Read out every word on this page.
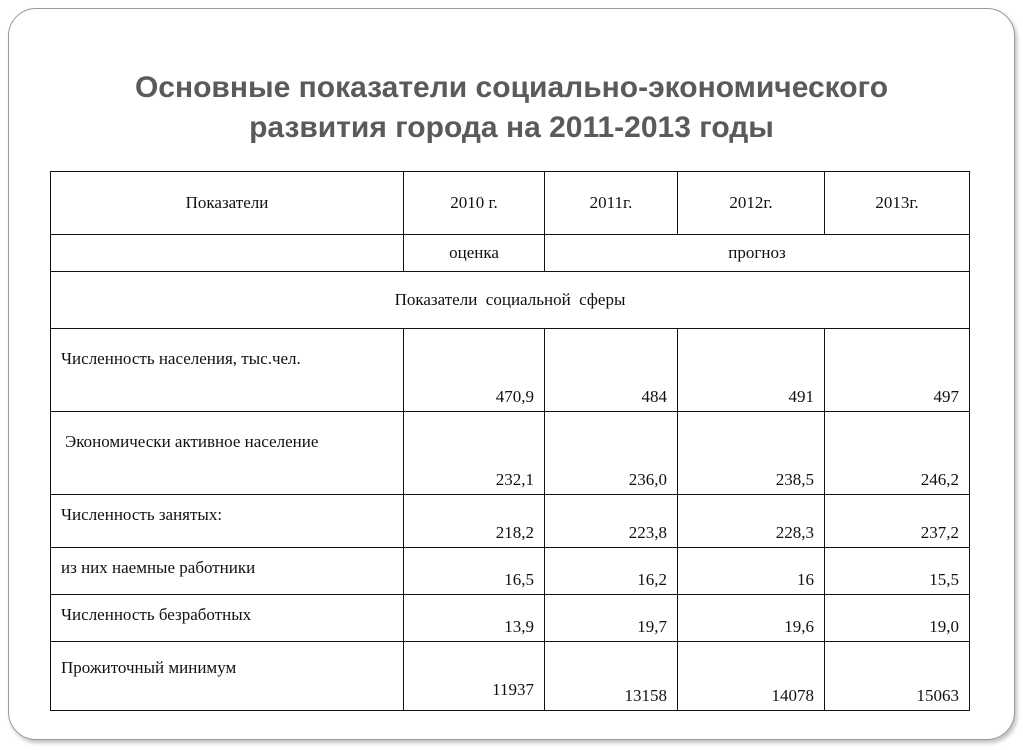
Основные показатели социально-экономического
развития города на 2011-2013 годы
Показатели	2010 г.	2011г.	2012г.	2013г.
	оценка	прогноз		
Показатели  социальной  сферы				
Численность населения, тыс.чел.	470,9	484	491	497
Экономически активное население	232,1	236,0	238,5	246,2
Численность занятых:	218,2	223,8	228,3	237,2
из них наемные работники	16,5	16,2	16	15,5
Численность безработных	13,9	19,7	19,6	19,0
Прожиточный минимум	11937	13158	14078	15063
